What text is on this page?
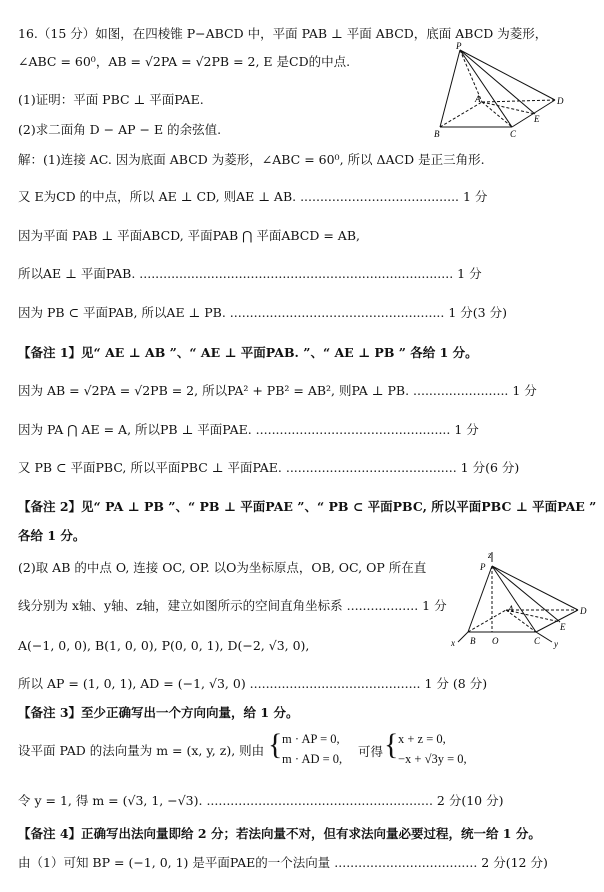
16.（15 分）如图，在四棱锥 P−ABCD 中，平面 PAB ⊥ 平面 ABCD，底面 ABCD 为菱形，
∠ABC = 60⁰，AB = √2PA = √2PB = 2, E 是CD的中点.
(1)证明：平面 PBC ⊥ 平面PAE.
(2)求二面角 D − AP − E 的余弦值.
P
A
B	C
D
E
解：(1)连接 AC. 因为底面 ABCD 为菱形，∠ABC = 60⁰, 所以 ΔACD 是正三角形.
又 E为CD 的中点，所以 AE ⊥ CD, 则AE ⊥ AB. ........................................ 1 分
因为平面 PAB ⊥ 平面ABCD, 平面PAB ⋂ 平面ABCD = AB,
所以AE ⊥ 平面PAB. ............................................................................... 1 分
因为 PB ⊂ 平面PAB, 所以AE ⊥ PB. ...................................................... 1 分(3 分)
【备注 1】见“ AE ⊥ AB ”、“ AE ⊥ 平面PAB. ”、“ AE ⊥ PB ” 各给 1 分。
因为 AB = √2PA = √2PB = 2, 所以PA² + PB² = AB², 则PA ⊥ PB. ........................ 1 分
因为 PA ⋂ AE = A, 所以PB ⊥ 平面PAE. ................................................. 1 分
又 PB ⊂ 平面PBC, 所以平面PBC ⊥ 平面PAE. ........................................... 1 分(6 分)
【备注 2】见“ PA ⊥ PB ”、“ PB ⊥ 平面PAE ”、“ PB ⊂ 平面PBC, 所以平面PBC ⊥ 平面PAE ”
各给 1 分。
(2)取 AB 的中点 O, 连接 OC, OP. 以O为坐标原点，OB, OC, OP 所在直
线分别为 x轴、y轴、z轴，建立如图所示的空间直角坐标系 .................. 1 分
A(−1, 0, 0), B(1, 0, 0), P(0, 0, 1), D(−2, √3, 0),
所以 AP = (1, 0, 1), AD = (−1, √3, 0) ........................................... 1 分 (8 分)
【备注 3】至少正确写出一个方向向量，给 1 分。
设平面 PAD 的法向量为 m = (x, y, z), 则由 { m · AP = 0,
m · AD = 0, 可得 { x + z = 0,
−x + √3y = 0,
令 y = 1, 得 m = (√3, 1, −√3). ......................................................... 2 分(10 分)
【备注 4】正确写出法向量即给 2 分；若法向量不对，但有求法向量必要过程，统一给 1 分。
由（1）可知 BP = (−1, 0, 1) 是平面PAE的一个法向量 .................................... 2 分(12 分)
z
P
A
O
B	C
D
E
x	y
